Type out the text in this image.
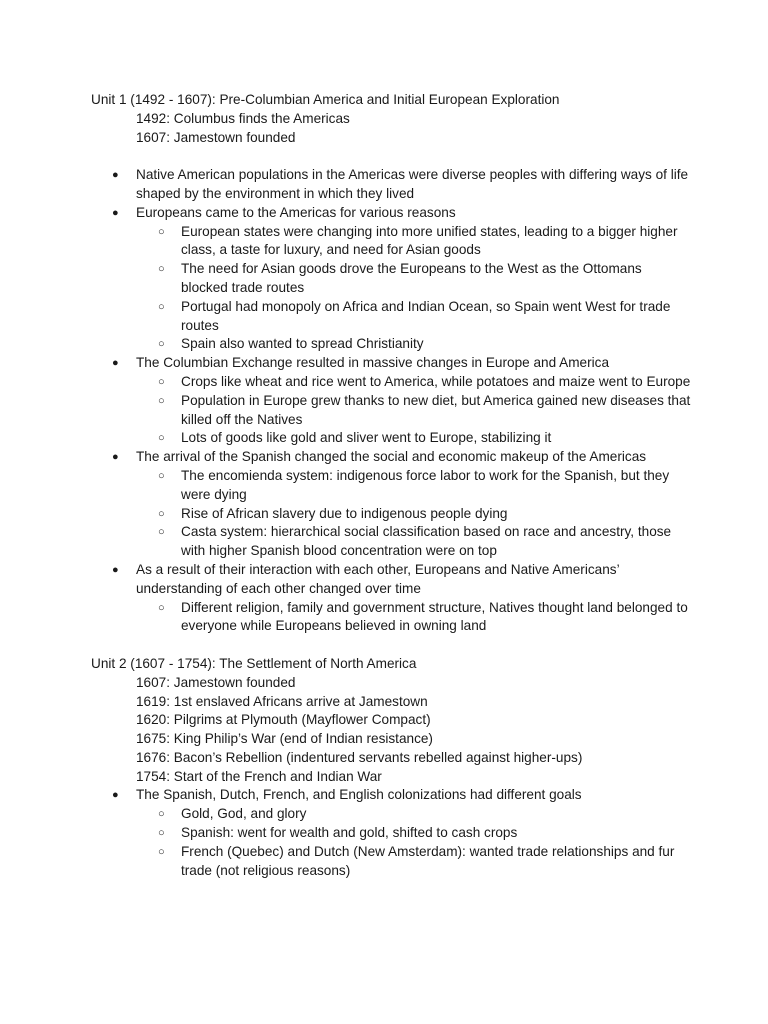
Unit 1 (1492 - 1607): Pre-Columbian America and Initial European Exploration

1492: Columbus finds the Americas
1607: Jamestown founded
● Native American populations in the Americas were diverse peoples with differing ways of life shaped by the environment in which they lived
● Europeans came to the Americas for various reasons
○ European states were changing into more unified states, leading to a bigger higher class, a taste for luxury, and need for Asian goods
○ The need for Asian goods drove the Europeans to the West as the Ottomans blocked trade routes
○ Portugal had monopoly on Africa and Indian Ocean, so Spain went West for trade routes
○ Spain also wanted to spread Christianity
● The Columbian Exchange resulted in massive changes in Europe and America
○ Crops like wheat and rice went to America, while potatoes and maize went to Europe
○ Population in Europe grew thanks to new diet, but America gained new diseases that killed off the Natives
○ Lots of goods like gold and sliver went to Europe, stabilizing it
● The arrival of the Spanish changed the social and economic makeup of the Americas
○ The encomienda system: indigenous force labor to work for the Spanish, but they were dying
○ Rise of African slavery due to indigenous people dying
○ Casta system: hierarchical social classification based on race and ancestry, those with higher Spanish blood concentration were on top
● As a result of their interaction with each other, Europeans and Native Americans’ understanding of each other changed over time
○ Different religion, family and government structure, Natives thought land belonged to everyone while Europeans believed in owning land

Unit 2 (1607 - 1754): The Settlement of North America

1607: Jamestown founded
1619: 1st enslaved Africans arrive at Jamestown
1620: Pilgrims at Plymouth (Mayflower Compact)
1675: King Philip’s War (end of Indian resistance)
1676: Bacon’s Rebellion (indentured servants rebelled against higher-ups)
1754: Start of the French and Indian War
● The Spanish, Dutch, French, and English colonizations had different goals
○ Gold, God, and glory
○ Spanish: went for wealth and gold, shifted to cash crops
○ French (Quebec) and Dutch (New Amsterdam): wanted trade relationships and fur trade (not religious reasons)
